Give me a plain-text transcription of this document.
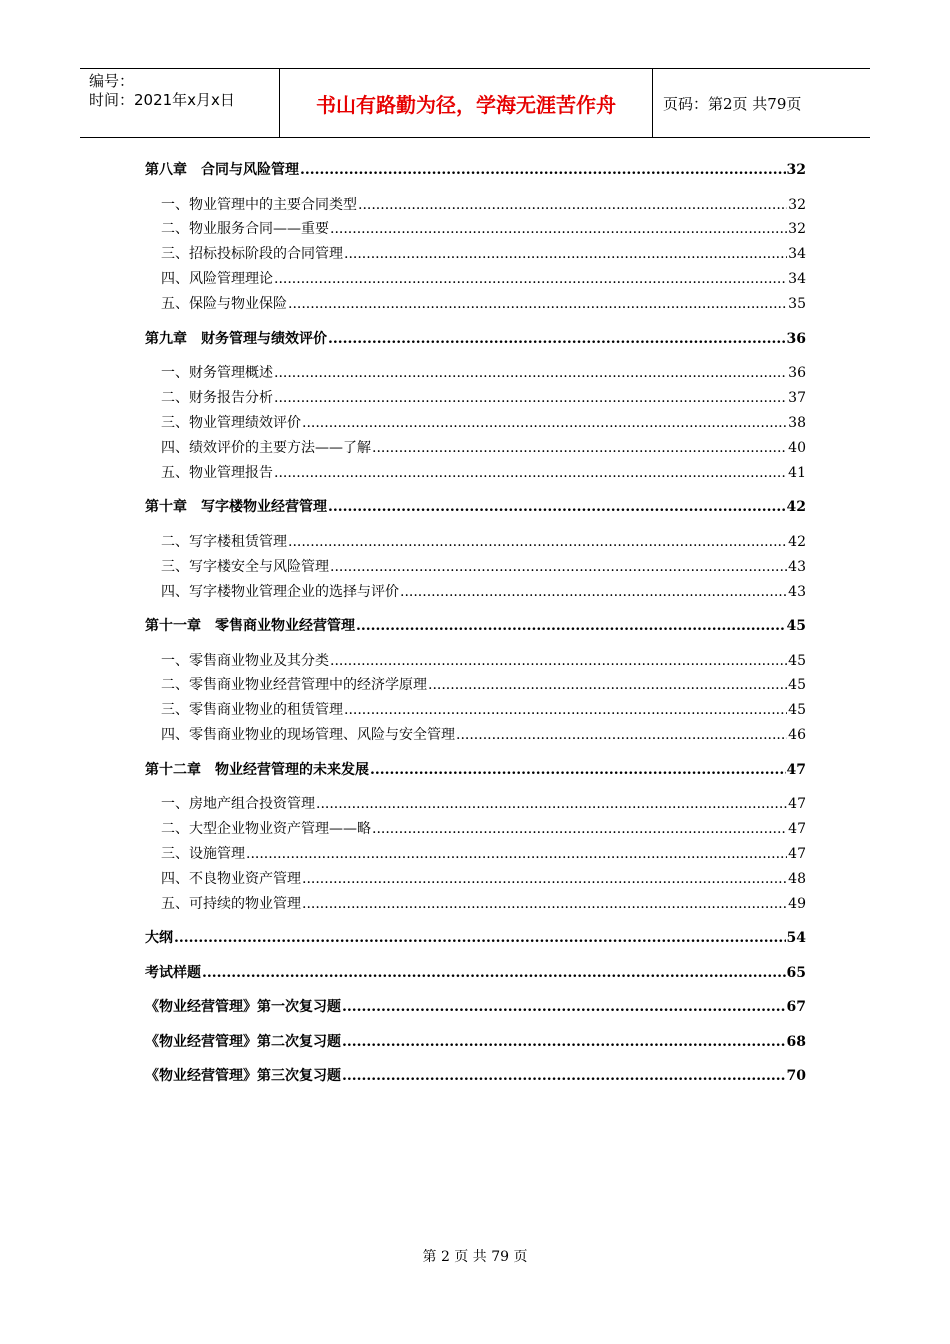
编号：
时间：2021年x月x日	书山有路勤为径，学海无涯苦作舟	页码：第2页 共79页
第八章　合同与风险管理 .....	32
一、物业管理中的主要合同类型 .....	32
二、物业服务合同——重要 .....	32
三、招标投标阶段的合同管理 .....	34
四、风险管理理论 .....	34
五、保险与物业保险 .....	35
第九章　财务管理与绩效评价 .....	36
一、财务管理概述 .....	36
二、财务报告分析 .....	37
三、物业管理绩效评价 .....	38
四、绩效评价的主要方法——了解 .....	40
五、物业管理报告 .....	41
第十章　写字楼物业经营管理 .....	42
二、写字楼租赁管理 .....	42
三、写字楼安全与风险管理 .....	43
四、写字楼物业管理企业的选择与评价 .....	43
第十一章　零售商业物业经营管理 .....	45
一、零售商业物业及其分类 .....	45
二、零售商业物业经营管理中的经济学原理 .....	45
三、零售商业物业的租赁管理 .....	45
四、零售商业物业的现场管理、风险与安全管理 .....	46
第十二章　物业经营管理的未来发展 .....	47
一、房地产组合投资管理 .....	47
二、大型企业物业资产管理——略 .....	47
三、设施管理 .....	47
四、不良物业资产管理 .....	48
五、可持续的物业管理 .....	49
大纲 .....	54
考试样题 .....	65
《物业经营管理》第一次复习题 .....	67
《物业经营管理》第二次复习题 .....	68
《物业经营管理》第三次复习题 .....	70
第 2 页 共 79 页
